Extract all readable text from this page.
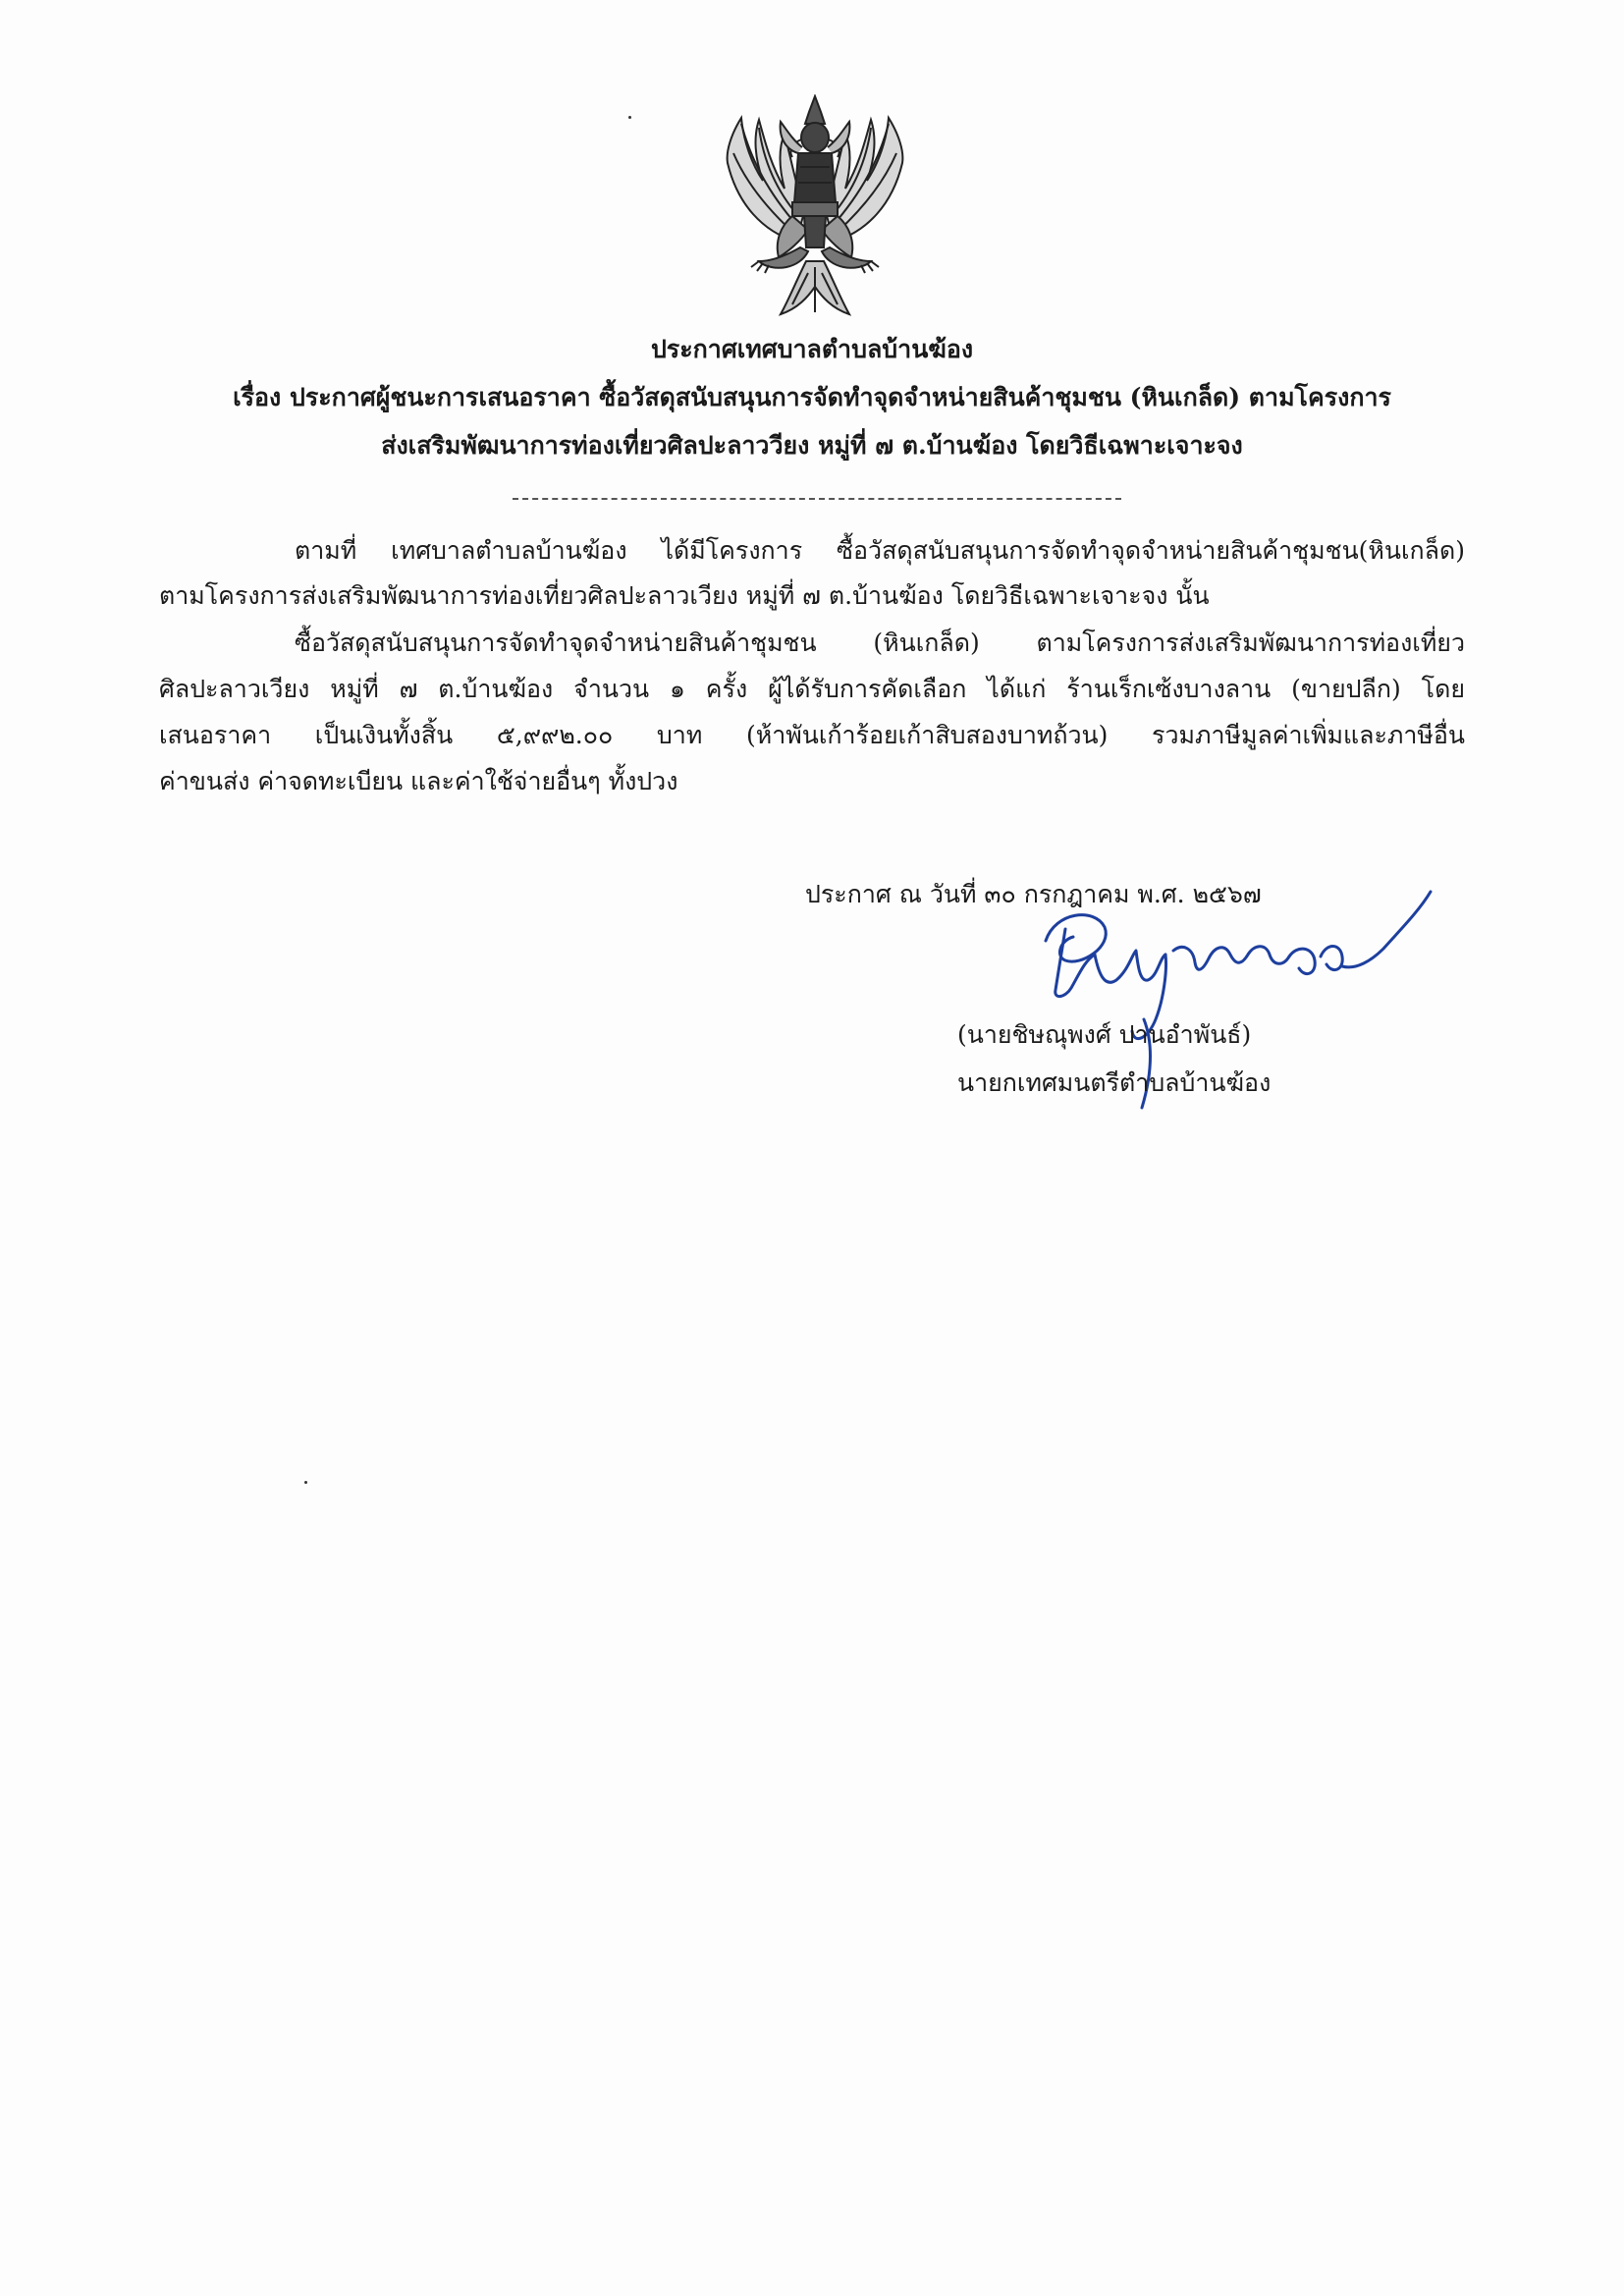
ประกาศเทศบาลตำบลบ้านฆ้อง
เรื่อง ประกาศผู้ชนะการเสนอราคา ซื้อวัสดุสนับสนุนการจัดทำจุดจำหน่ายสินค้าชุมชน (หินเกล็ด) ตามโครงการ
ส่งเสริมพัฒนาการท่องเที่ยวศิลปะลาววียง หมู่ที่ ๗ ต.บ้านฆ้อง โดยวิธีเฉพาะเจาะจง
ตามที่ เทศบาลตำบลบ้านฆ้อง ได้มีโครงการ ซื้อวัสดุสนับสนุนการจัดทำจุดจำหน่ายสินค้าชุมชน(หินเกล็ด)
ตามโครงการส่งเสริมพัฒนาการท่องเที่ยวศิลปะลาวเวียง หมู่ที่ ๗ ต.บ้านฆ้อง โดยวิธีเฉพาะเจาะจง นั้น
ซื้อวัสดุสนับสนุนการจัดทำจุดจำหน่ายสินค้าชุมชน (หินเกล็ด) ตามโครงการส่งเสริมพัฒนาการท่องเที่ยว
ศิลปะลาวเวียง หมู่ที่ ๗ ต.บ้านฆ้อง จำนวน ๑ ครั้ง ผู้ได้รับการคัดเลือก ได้แก่ ร้านเร็กเซ้งบางลาน (ขายปลีก) โดย
เสนอราคา เป็นเงินทั้งสิ้น ๕,๙๙๒.๐๐ บาท (ห้าพันเก้าร้อยเก้าสิบสองบาทถ้วน) รวมภาษีมูลค่าเพิ่มและภาษีอื่น
ค่าขนส่ง ค่าจดทะเบียน และค่าใช้จ่ายอื่นๆ ทั้งปวง
ประกาศ ณ วันที่ ๓๐ กรกฎาคม พ.ศ. ๒๕๖๗
(นายชิษณุพงศ์ ปานอำพันธ์)
นายกเทศมนตรีตำบลบ้านฆ้อง
